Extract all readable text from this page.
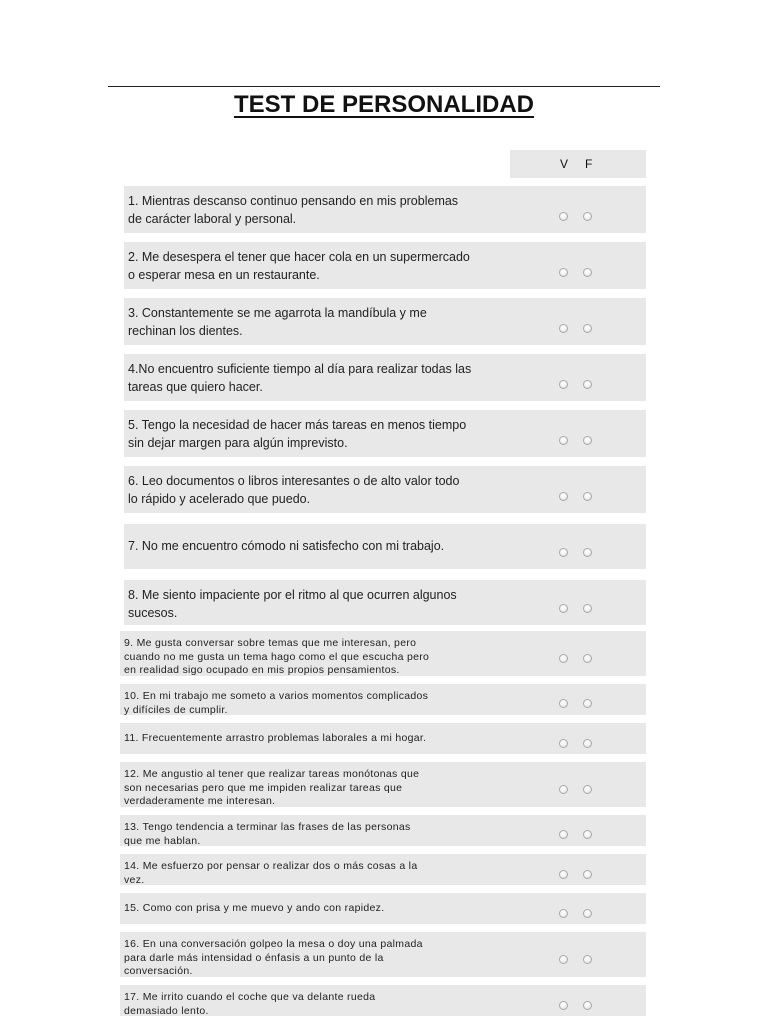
TEST DE PERSONALIDAD
V F
1. Mientras descanso continuo pensando en mis problemas
de carácter laboral y personal.
2. Me desespera el tener que hacer cola en un supermercado
o esperar mesa en un restaurante.
3. Constantemente se me agarrota la mandíbula y me
rechinan los dientes.
4.No encuentro suficiente tiempo al día para realizar todas las
tareas que quiero hacer.
5. Tengo la necesidad de hacer más tareas en menos tiempo
sin dejar margen para algún imprevisto.
6. Leo documentos o libros interesantes o de alto valor todo
lo rápido y acelerado que puedo.
7. No me encuentro cómodo ni satisfecho con mi trabajo.
8. Me siento impaciente por el ritmo al que ocurren algunos
sucesos.
9. Me gusta conversar sobre temas que me interesan, pero
cuando no me gusta un tema hago como el que escucha pero
en realidad sigo ocupado en mis propios pensamientos.
10. En mi trabajo me someto a varios momentos complicados
y difíciles de cumplir.
11. Frecuentemente arrastro problemas laborales a mi hogar.
12. Me angustio al tener que realizar tareas monótonas que
son necesarias pero que me impiden realizar tareas que
verdaderamente me interesan.
13. Tengo tendencia a terminar las frases de las personas
que me hablan.
14. Me esfuerzo por pensar o realizar dos o más cosas a la
vez.
15. Como con prisa y me muevo y ando con rapidez.
16. En una conversación golpeo la mesa o doy una palmada
para darle más intensidad o énfasis a un punto de la
conversación.
17. Me irrito cuando el coche que va delante rueda
demasiado lento.
